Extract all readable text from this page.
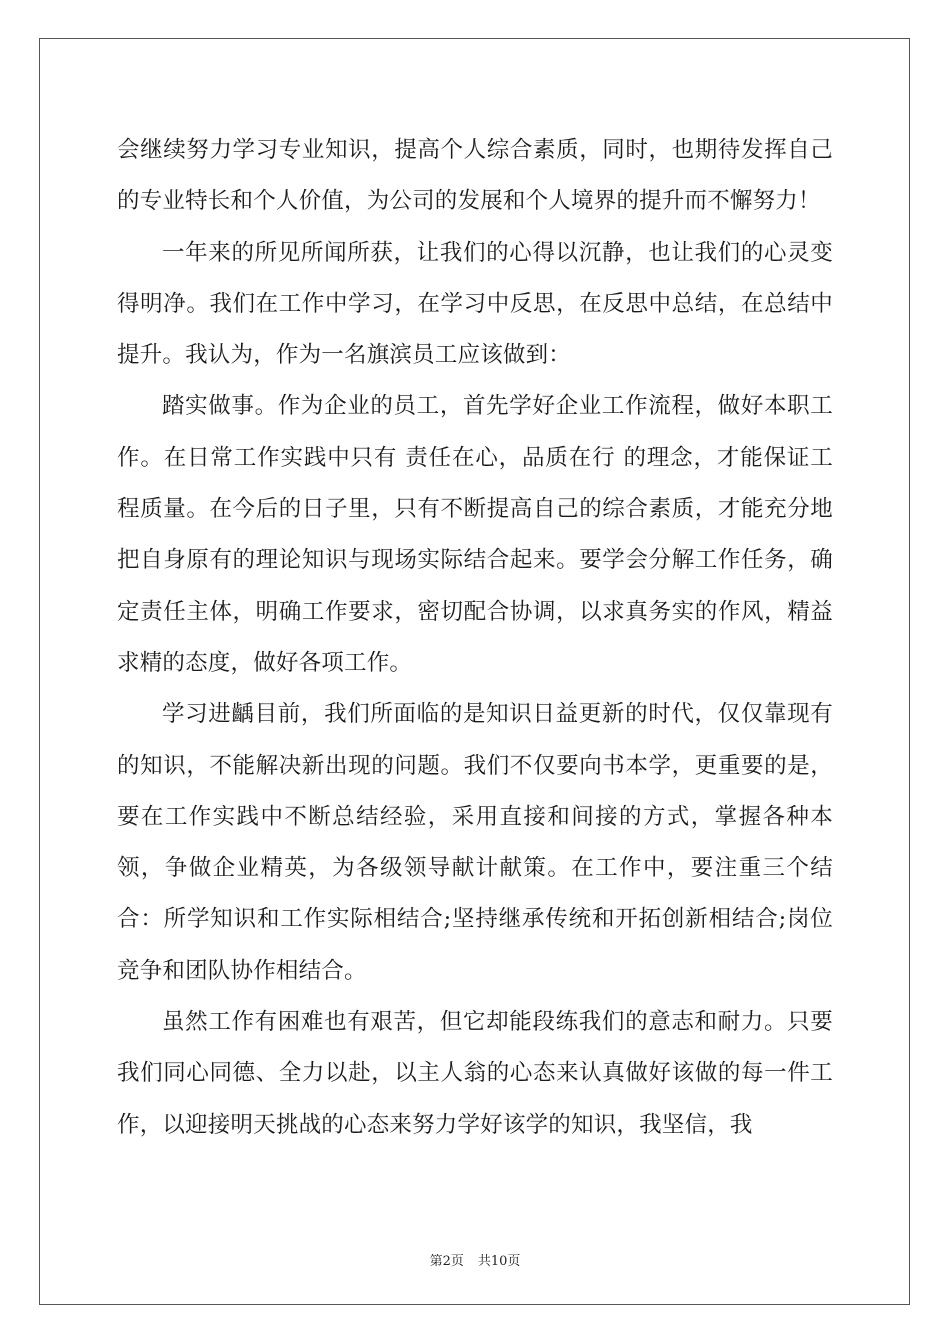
会继续努力学习专业知识，提高个人综合素质，同时，也期待发挥自己的专业特长和个人价值，为公司的发展和个人境界的提升而不懈努力！

一年来的所见所闻所获，让我们的心得以沉静，也让我们的心灵变得明净。我们在工作中学习，在学习中反思，在反思中总结，在总结中提升。我认为，作为一名旗滨员工应该做到：

踏实做事。作为企业的员工，首先学好企业工作流程，做好本职工作。在日常工作实践中只有 责任在心，品质在行 的理念，才能保证工程质量。在今后的日子里，只有不断提高自己的综合素质，才能充分地把自身原有的理论知识与现场实际结合起来。要学会分解工作任务，确定责任主体，明确工作要求，密切配合协调，以求真务实的作风，精益求精的态度，做好各项工作。

学习进齲目前，我们所面临的是知识日益更新的时代，仅仅靠现有的知识，不能解决新出现的问题。我们不仅要向书本学，更重要的是，要在工作实践中不断总结经验，采用直接和间接的方式，掌握各种本领，争做企业精英，为各级领导献计献策。在工作中，要注重三个结合：所学知识和工作实际相结合;坚持继承传统和开拓创新相结合;岗位竞争和团队协作相结合。

虽然工作有困难也有艰苦，但它却能段练我们的意志和耐力。只要我们同心同德、全力以赴，以主人翁的心态来认真做好该做的每一件工作，以迎接明天挑战的心态来努力学好该学的知识，我坚信，我

第2页 共10页
